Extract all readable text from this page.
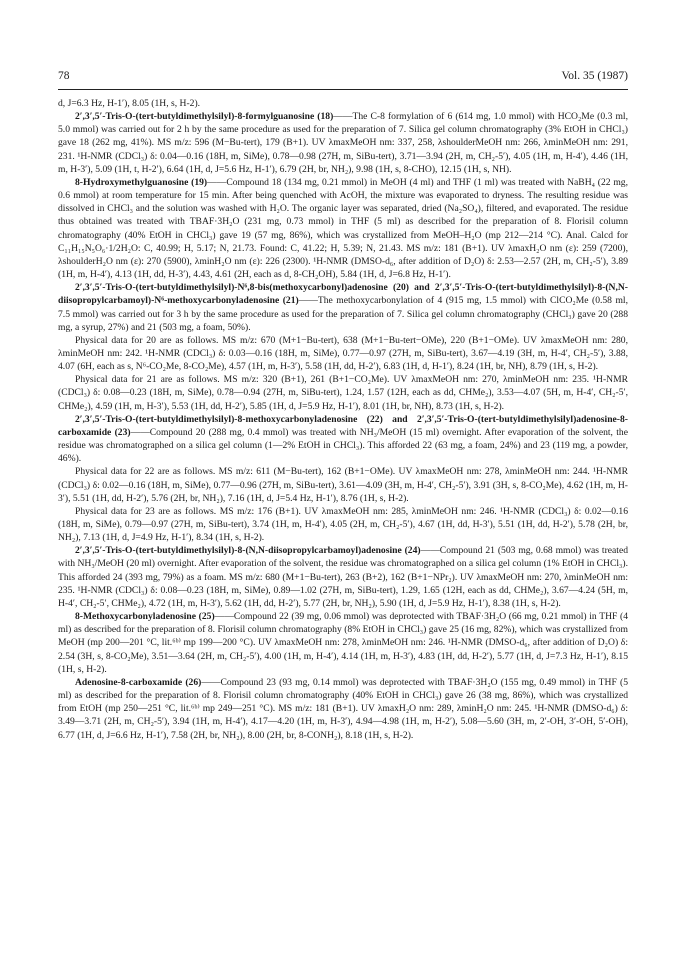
78	Vol. 35 (1987)

d, J=6.3 Hz, H-1′), 8.05 (1H, s, H-2).

2′,3′,5′-Tris-O-(tert-butyldimethylsilyl)-8-formylguanosine (18)——The C-8 formylation of 6 (614 mg, 1.0 mmol) with HCO₂Me (0.3 ml, 5.0 mmol) was carried out for 2 h by the same procedure as used for the preparation of 7. Silica gel column chromatography (3% EtOH in CHCl₃) gave 18 (262 mg, 41%). MS m/z: 596 (M−Bu-tert), 179 (B+1). UV λmaxMeOH nm: 337, 258, λshoulderMeOH nm: 266, λminMeOH nm: 291, 231. ¹H-NMR (CDCl₃) δ: 0.04—0.16 (18H, m, SiMe), 0.78—0.98 (27H, m, SiBu-tert), 3.71—3.94 (2H, m, CH₂-5′), 4.05 (1H, m, H-4′), 4.46 (1H, m, H-3′), 5.09 (1H, t, H-2′), 6.64 (1H, d, J=5.6 Hz, H-1′), 6.79 (2H, br, NH₂), 9.98 (1H, s, 8-CHO), 12.15 (1H, s, NH).

8-Hydroxymethylguanosine (19)——Compound 18 (134 mg, 0.21 mmol) in MeOH (4 ml) and THF (1 ml) was treated with NaBH₄ (22 mg, 0.6 mmol) at room temperature for 15 min. After being quenched with AcOH, the mixture was evaporated to dryness. The resulting residue was dissolved in CHCl₃ and the solution was washed with H₂O. The organic layer was separated, dried (Na₂SO₄), filtered, and evaporated. The residue thus obtained was treated with TBAF·3H₂O (231 mg, 0.73 mmol) in THF (5 ml) as described for the preparation of 8. Florisil column chromatography (40% EtOH in CHCl₃) gave 19 (57 mg, 86%), which was crystallized from MeOH–H₂O (mp 212—214 °C). Anal. Calcd for C₁₁H₁₅N₅O₆·1/2H₂O: C, 40.99; H, 5.17; N, 21.73. Found: C, 41.22; H, 5.39; N, 21.43. MS m/z: 181 (B+1). UV λmaxH₂O nm (ε): 259 (7200), λshoulderH₂O nm (ε): 270 (5900), λminH₂O nm (ε): 226 (2300). ¹H-NMR (DMSO-d₆, after addition of D₂O) δ: 2.53—2.57 (2H, m, CH₂-5′), 3.89 (1H, m, H-4′), 4.13 (1H, dd, H-3′), 4.43, 4.61 (2H, each as d, 8-CH₂OH), 5.84 (1H, d, J=6.8 Hz, H-1′).

2′,3′,5′-Tris-O-(tert-butyldimethylsilyl)-N⁶,8-bis(methoxycarbonyl)adenosine (20) and 2′,3′,5′-Tris-O-(tert-butyldimethylsilyl)-8-(N,N-diisopropylcarbamoyl)-N⁶-methoxycarbonyladenosine (21)——The methoxycarbonylation of 4 (915 mg, 1.5 mmol) with ClCO₂Me (0.58 ml, 7.5 mmol) was carried out for 3 h by the same procedure as used for the preparation of 7. Silica gel column chromatography (CHCl₃) gave 20 (288 mg, a syrup, 27%) and 21 (503 mg, a foam, 50%).

Physical data for 20 are as follows. MS m/z: 670 (M+1−Bu-tert), 638 (M+1−Bu-tert−OMe), 220 (B+1−OMe). UV λmaxMeOH nm: 280, λminMeOH nm: 242. ¹H-NMR (CDCl₃) δ: 0.03—0.16 (18H, m, SiMe), 0.77—0.97 (27H, m, SiBu-tert), 3.67—4.19 (3H, m, H-4′, CH₂-5′), 3.88, 4.07 (6H, each as s, N⁶-CO₂Me, 8-CO₂Me), 4.57 (1H, m, H-3′), 5.58 (1H, dd, H-2′), 6.83 (1H, d, H-1′), 8.24 (1H, br, NH), 8.79 (1H, s, H-2).

Physical data for 21 are as follows. MS m/z: 320 (B+1), 261 (B+1−CO₂Me). UV λmaxMeOH nm: 270, λminMeOH nm: 235. ¹H-NMR (CDCl₃) δ: 0.08—0.23 (18H, m, SiMe), 0.78—0.94 (27H, m, SiBu-tert), 1.24, 1.57 (12H, each as dd, CHMe₂), 3.53—4.07 (5H, m, H-4′, CH₂-5′, CHMe₂), 4.59 (1H, m, H-3′), 5.53 (1H, dd, H-2′), 5.85 (1H, d, J=5.9 Hz, H-1′), 8.01 (1H, br, NH), 8.73 (1H, s, H-2).

2′,3′,5′-Tris-O-(tert-butyldimethylsilyl)-8-methoxycarbonyladenosine (22) and 2′,3′,5′-Tris-O-(tert-butyldimethylsilyl)adenosine-8-carboxamide (23)——Compound 20 (288 mg, 0.4 mmol) was treated with NH₃/MeOH (15 ml) overnight. After evaporation of the solvent, the residue was chromatographed on a silica gel column (1—2% EtOH in CHCl₃). This afforded 22 (63 mg, a foam, 24%) and 23 (119 mg, a powder, 46%).

Physical data for 22 are as follows. MS m/z: 611 (M−Bu-tert), 162 (B+1−OMe). UV λmaxMeOH nm: 278, λminMeOH nm: 244. ¹H-NMR (CDCl₃) δ: 0.02—0.16 (18H, m, SiMe), 0.77—0.96 (27H, m, SiBu-tert), 3.61—4.09 (3H, m, H-4′, CH₂-5′), 3.91 (3H, s, 8-CO₂Me), 4.62 (1H, m, H-3′), 5.51 (1H, dd, H-2′), 5.76 (2H, br, NH₂), 7.16 (1H, d, J=5.4 Hz, H-1′), 8.76 (1H, s, H-2).

Physical data for 23 are as follows. MS m/z: 176 (B+1). UV λmaxMeOH nm: 285, λminMeOH nm: 246. ¹H-NMR (CDCl₃) δ: 0.02—0.16 (18H, m, SiMe), 0.79—0.97 (27H, m, SiBu-tert), 3.74 (1H, m, H-4′), 4.05 (2H, m, CH₂-5′), 4.67 (1H, dd, H-3′), 5.51 (1H, dd, H-2′), 5.78 (2H, br, NH₂), 7.13 (1H, d, J=4.9 Hz, H-1′), 8.34 (1H, s, H-2).

2′,3′,5′-Tris-O-(tert-butyldimethylsilyl)-8-(N,N-diisopropylcarbamoyl)adenosine (24)——Compound 21 (503 mg, 0.68 mmol) was treated with NH₃/MeOH (20 ml) overnight. After evaporation of the solvent, the residue was chromatographed on a silica gel column (1% EtOH in CHCl₃). This afforded 24 (393 mg, 79%) as a foam. MS m/z: 680 (M+1−Bu-tert), 263 (B+2), 162 (B+1−NPr₂). UV λmaxMeOH nm: 270, λminMeOH nm: 235. ¹H-NMR (CDCl₃) δ: 0.08—0.23 (18H, m, SiMe), 0.89—1.02 (27H, m, SiBu-tert), 1.29, 1.65 (12H, each as dd, CHMe₂), 3.67—4.24 (5H, m, H-4′, CH₂-5′, CHMe₂), 4.72 (1H, m, H-3′), 5.62 (1H, dd, H-2′), 5.77 (2H, br, NH₂), 5.90 (1H, d, J=5.9 Hz, H-1′), 8.38 (1H, s, H-2).

8-Methoxycarbonyladenosine (25)——Compound 22 (39 mg, 0.06 mmol) was deprotected with TBAF·3H₂O (66 mg, 0.21 mmol) in THF (4 ml) as described for the preparation of 8. Florisil column chromatography (8% EtOH in CHCl₃) gave 25 (16 mg, 82%), which was crystallized from MeOH (mp 200—201 °C, lit.⁶ᵇ⁾ mp 199—200 °C). UV λmaxMeOH nm: 278, λminMeOH nm: 246. ¹H-NMR (DMSO-d₆, after addition of D₂O) δ: 2.54 (3H, s, 8-CO₂Me), 3.51—3.64 (2H, m, CH₂-5′), 4.00 (1H, m, H-4′), 4.14 (1H, m, H-3′), 4.83 (1H, dd, H-2′), 5.77 (1H, d, J=7.3 Hz, H-1′), 8.15 (1H, s, H-2).

Adenosine-8-carboxamide (26)——Compound 23 (93 mg, 0.14 mmol) was deprotected with TBAF·3H₂O (155 mg, 0.49 mmol) in THF (5 ml) as described for the preparation of 8. Florisil column chromatography (40% EtOH in CHCl₃) gave 26 (38 mg, 86%), which was crystallized from EtOH (mp 250—251 °C, lit.⁶ᵇ⁾ mp 249—251 °C). MS m/z: 181 (B+1). UV λmaxH₂O nm: 289, λminH₂O nm: 245. ¹H-NMR (DMSO-d₆) δ: 3.49—3.71 (2H, m, CH₂-5′), 3.94 (1H, m, H-4′), 4.17—4.20 (1H, m, H-3′), 4.94—4.98 (1H, m, H-2′), 5.08—5.60 (3H, m, 2′-OH, 3′-OH, 5′-OH), 6.77 (1H, d, J=6.6 Hz, H-1′), 7.58 (2H, br, NH₂), 8.00 (2H, br, 8-CONH₂), 8.18 (1H, s, H-2).
